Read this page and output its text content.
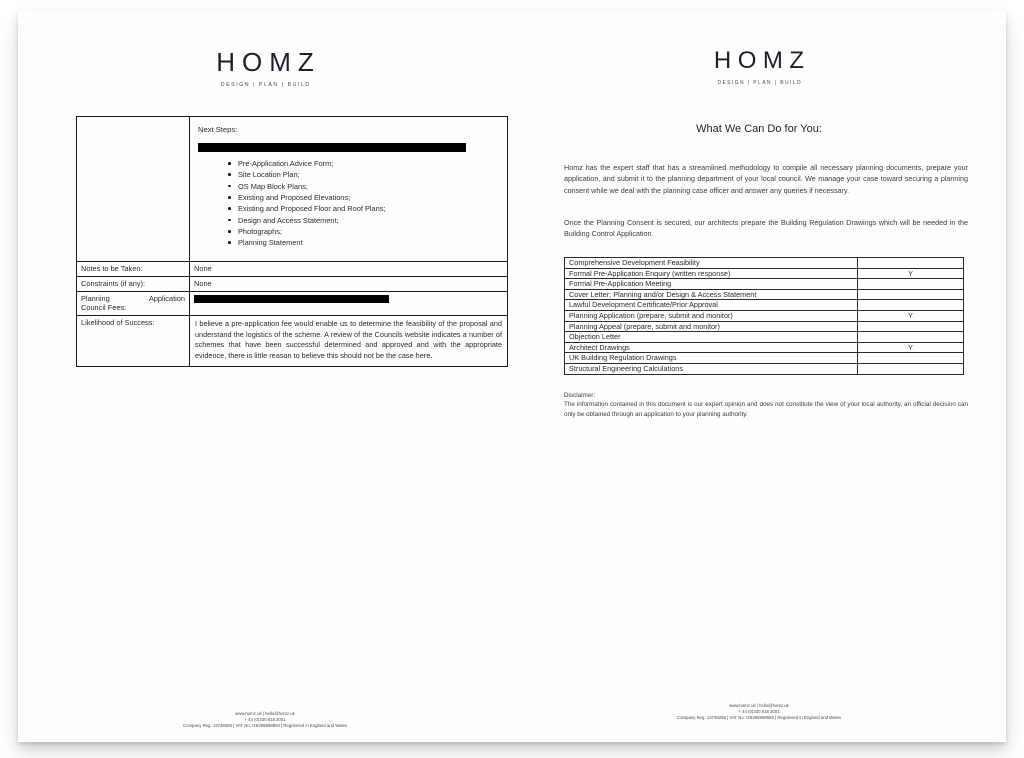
HOMZ
DESIGN | PLAN | BUILD

Next Steps:
Pre-Application Advice Form;
Site Location Plan;
OS Map Block Plans;
Existing and Proposed Elevations;
Existing and Proposed Floor and Roof Plans;
Design and Access Statement;
Photographs;
Planning Statement

Notes to be Taken:	None
Constraints (if any):	None

Planning Application
Council Fees:	

Likelihood of Success:	I believe a pre-application fee would enable us to determine the feasibility of the proposal and understand the logistics of the scheme. A review of the Councils website indicates a number of schemes that have been successful determined and approved and with the appropriate evidence, there is little reason to believe this should not be the case here.

www.homz.uk | hello@homz.uk
+ 44 (0)330 818 3001
Company Reg: 13748286 | VAT No: GB395998993 | Registered in England and Wales
HOMZ
DESIGN | PLAN | BUILD
What We Can Do for You:

Homz has the expert staff that has a streamlined methodology to compile all necessary planning documents, prepare your application, and submit it to the planning department of your local council. We manage your case toward securing a planning consent while we deal with the planning case officer and answer any queries if necessary.

Once the Planning Consent is secured, our architects prepare the Building Regulation Drawings which will be needed in the Building Control Application.

Comprehensive Development Feasibility	
Formal Pre-Application Enquiry (written response)	Y
Formal Pre-Application Meeting	
Cover Letter; Planning and/or Design & Access Statement	
Lawful Development Certificate/Prior Approval	
Planning Application (prepare, submit and monitor)	Y
Planning Appeal (prepare, submit and monitor)	
Objection Letter	
Architect Drawings	Y
UK Building Regulation Drawings	
Structural Engineering Calculations	

Disclaimer:

The information contained in this document is our expert opinion and does not constitute the view of your local authority, an official decision can only be obtained through an application to your planning authority.

www.homz.uk | hello@homz.uk
+ 44 (0)330 818 3001
Company Reg: 13748286 | VAT No: GB395998993 | Registered in England and Wales
